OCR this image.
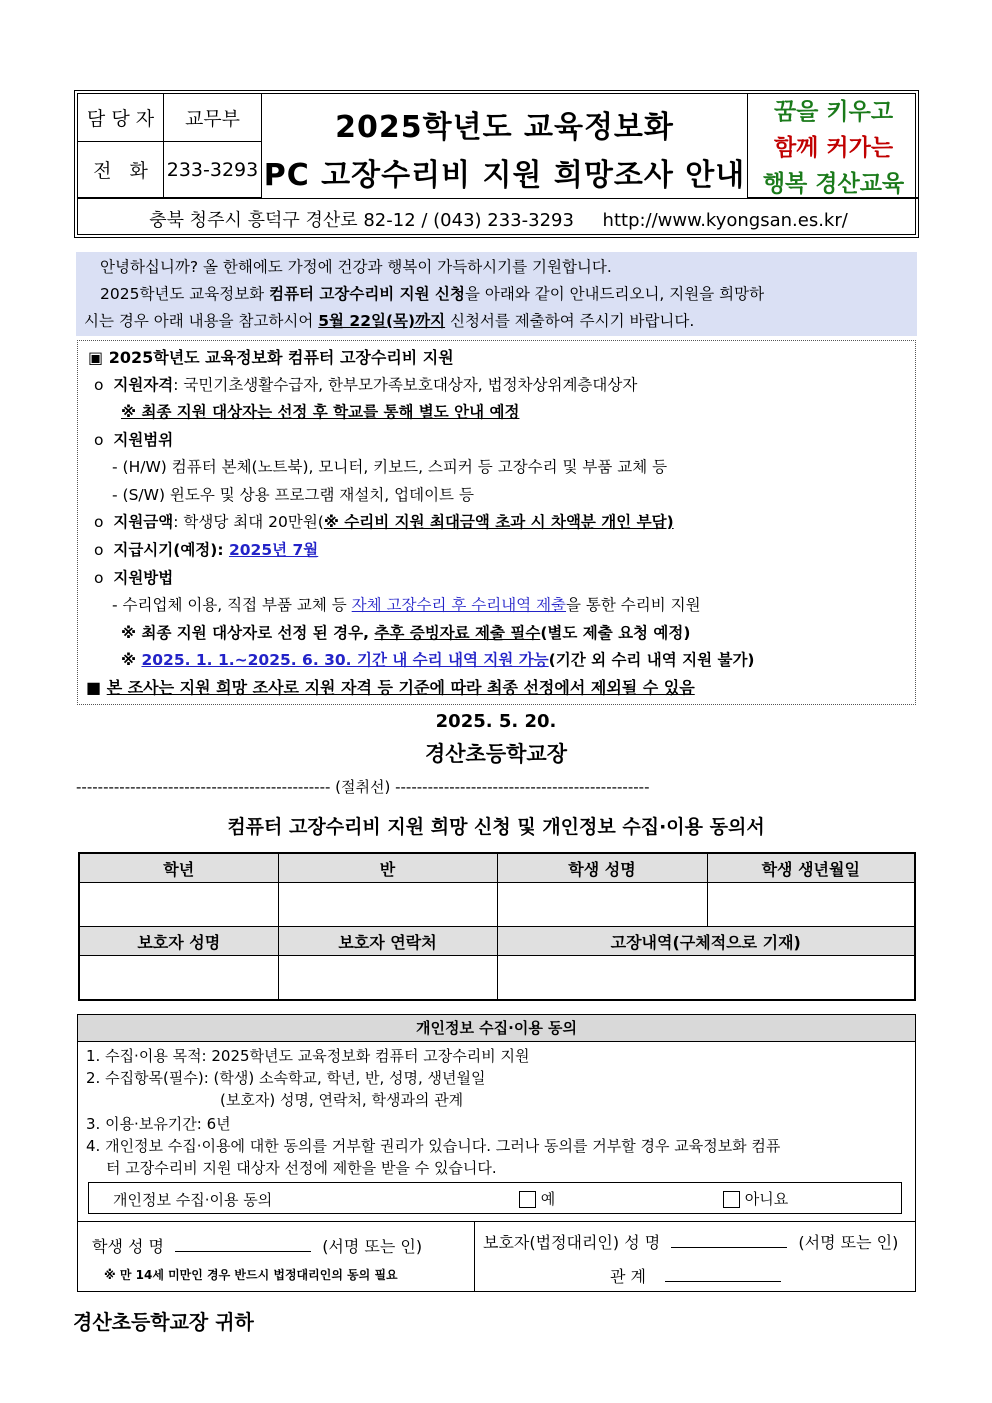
담 당 자	교무부
전   화 233-3293
2025학년도 교육정보화
PC 고장수리비 지원 희망조사 안내
꿈을 키우고
함께 커가는
행복 경산교육
충북 청주시 흥덕구 경산로 82-12 / (043) 233-3293     http://www.kyongsan.es.kr/

안녕하십니까? 올 한해에도 가정에 건강과 행복이 가득하시기를 기원합니다.

2025학년도 교육정보화 컴퓨터 고장수리비 지원 신청을 아래와 같이 안내드리오니, 지원을 희망하

시는 경우 아래 내용을 참고하시어 5월 22일(목)까지 신청서를 제출하여 주시기 바랍니다.

▣ 2025학년도 교육정보화 컴퓨터 고장수리비 지원
o 지원자격: 국민기초생활수급자, 한부모가족보호대상자, 법정차상위계층대상자
※ 최종 지원 대상자는 선정 후 학교를 통해 별도 안내 예정
o 지원범위
- (H/W) 컴퓨터 본체(노트북), 모니터, 키보드, 스피커 등 고장수리 및 부품 교체 등
- (S/W) 윈도우 및 상용 프로그램 재설치, 업데이트 등
o 지원금액: 학생당 최대 20만원(※ 수리비 지원 최대금액 초과 시 차액분 개인 부담)
o 지급시기(예정): 2025년 7월
o 지원방법
- 수리업체 이용, 직접 부품 교체 등 자체 고장수리 후 수리내역 제출을 통한 수리비 지원
※ 최종 지원 대상자로 선정 된 경우, 추후 증빙자료 제출 필수(별도 제출 요청 예정)
※ 2025. 1. 1.~2025. 6. 30. 기간 내 수리 내역 지원 가능(기간 외 수리 내역 지원 불가)
■ 본 조사는 지원 희망 조사로 지원 자격 등 기준에 따라 최종 선정에서 제외될 수 있음
2025. 5. 20.
경산초등학교장
----------------------------------------------- (절취선) -----------------------------------------------
컴퓨터 고장수리비 지원 희망 신청 및 개인정보 수집·이용 동의서
학년	반	학생 성명	학생 생년월일

보호자 성명	보호자 연락처	고장내역(구체적으로 기재)	

개인정보 수집·이용 동의
1. 수집·이용 목적: 2025학년도 교육정보화 컴퓨터 고장수리비 지원
2. 수집항목(필수): (학생) 소속학교, 학년, 반, 성명, 생년월일
(보호자) 성명, 연락처, 학생과의 관계
3. 이용·보유기간: 6년
4. 개인정보 수집·이용에 대한 동의를 거부할 권리가 있습니다. 그러나 동의를 거부할 경우 교육정보화 컴퓨
터 고장수리비 지원 대상자 선정에 제한을 받을 수 있습니다.
개인정보 수집·이용 동의	예	아니요
학생 성 명	(서명 또는 인)
※ 만 14세 미만인 경우 반드시 법정대리인의 동의 필요
보호자(법정대리인) 성 명	(서명 또는 인)
관 계
경산초등학교장 귀하
